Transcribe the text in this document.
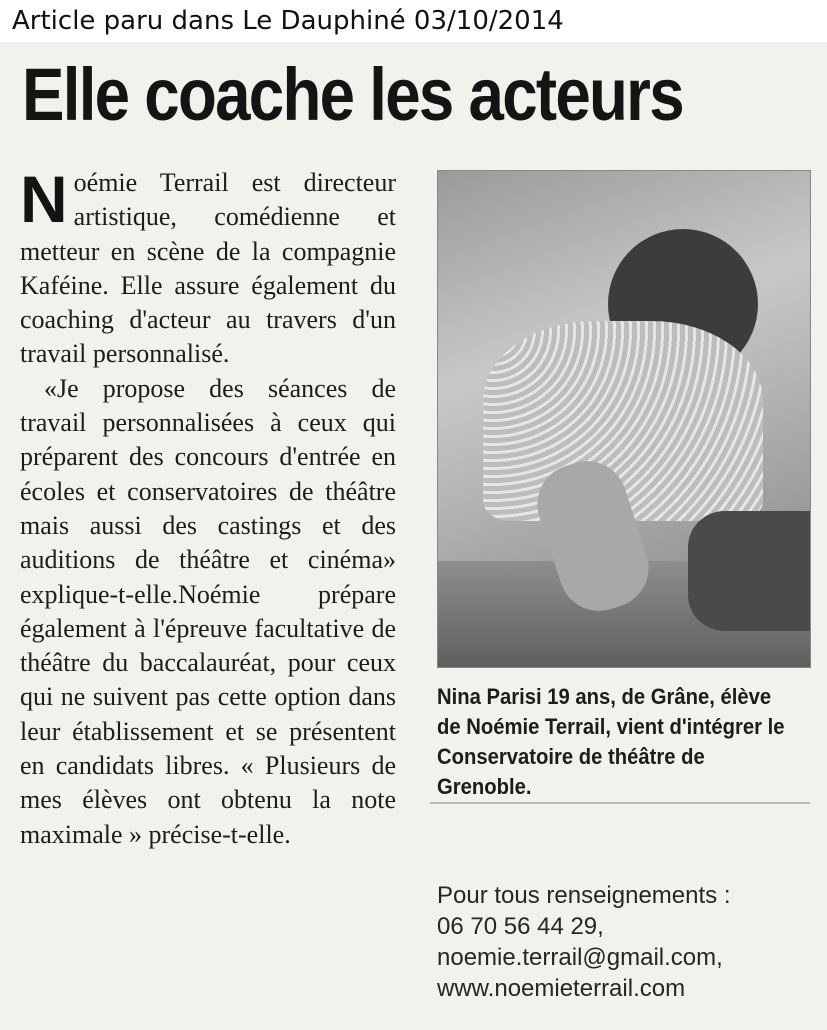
Article paru dans Le Dauphiné 03/10/2014
Elle coache les acteurs

Noémie Terrail est directeur artistique, comédienne et metteur en scène de la compagnie Kaféine. Elle assure également du coaching d'acteur au travers d'un travail personnalisé.

«Je propose des séances de travail personnalisées à ceux qui préparent des concours d'entrée en écoles et conservatoires de théâtre mais aussi des castings et des auditions de théâtre et cinéma» explique-t-elle.Noémie prépare également à l'épreuve facultative de théâtre du baccalauréat, pour ceux qui ne suivent pas cette option dans leur établissement et se présentent en candidats libres. « Plusieurs de mes élèves ont obtenu la note maximale » précise-t-elle.

Nina Parisi 19 ans, de Grâne, élève de Noémie Terrail, vient d'intégrer le Conservatoire de théâtre de Grenoble.
Pour tous renseignements :
06 70 56 44 29,
noemie.terrail@gmail.com,
www.noemieterrail.com
